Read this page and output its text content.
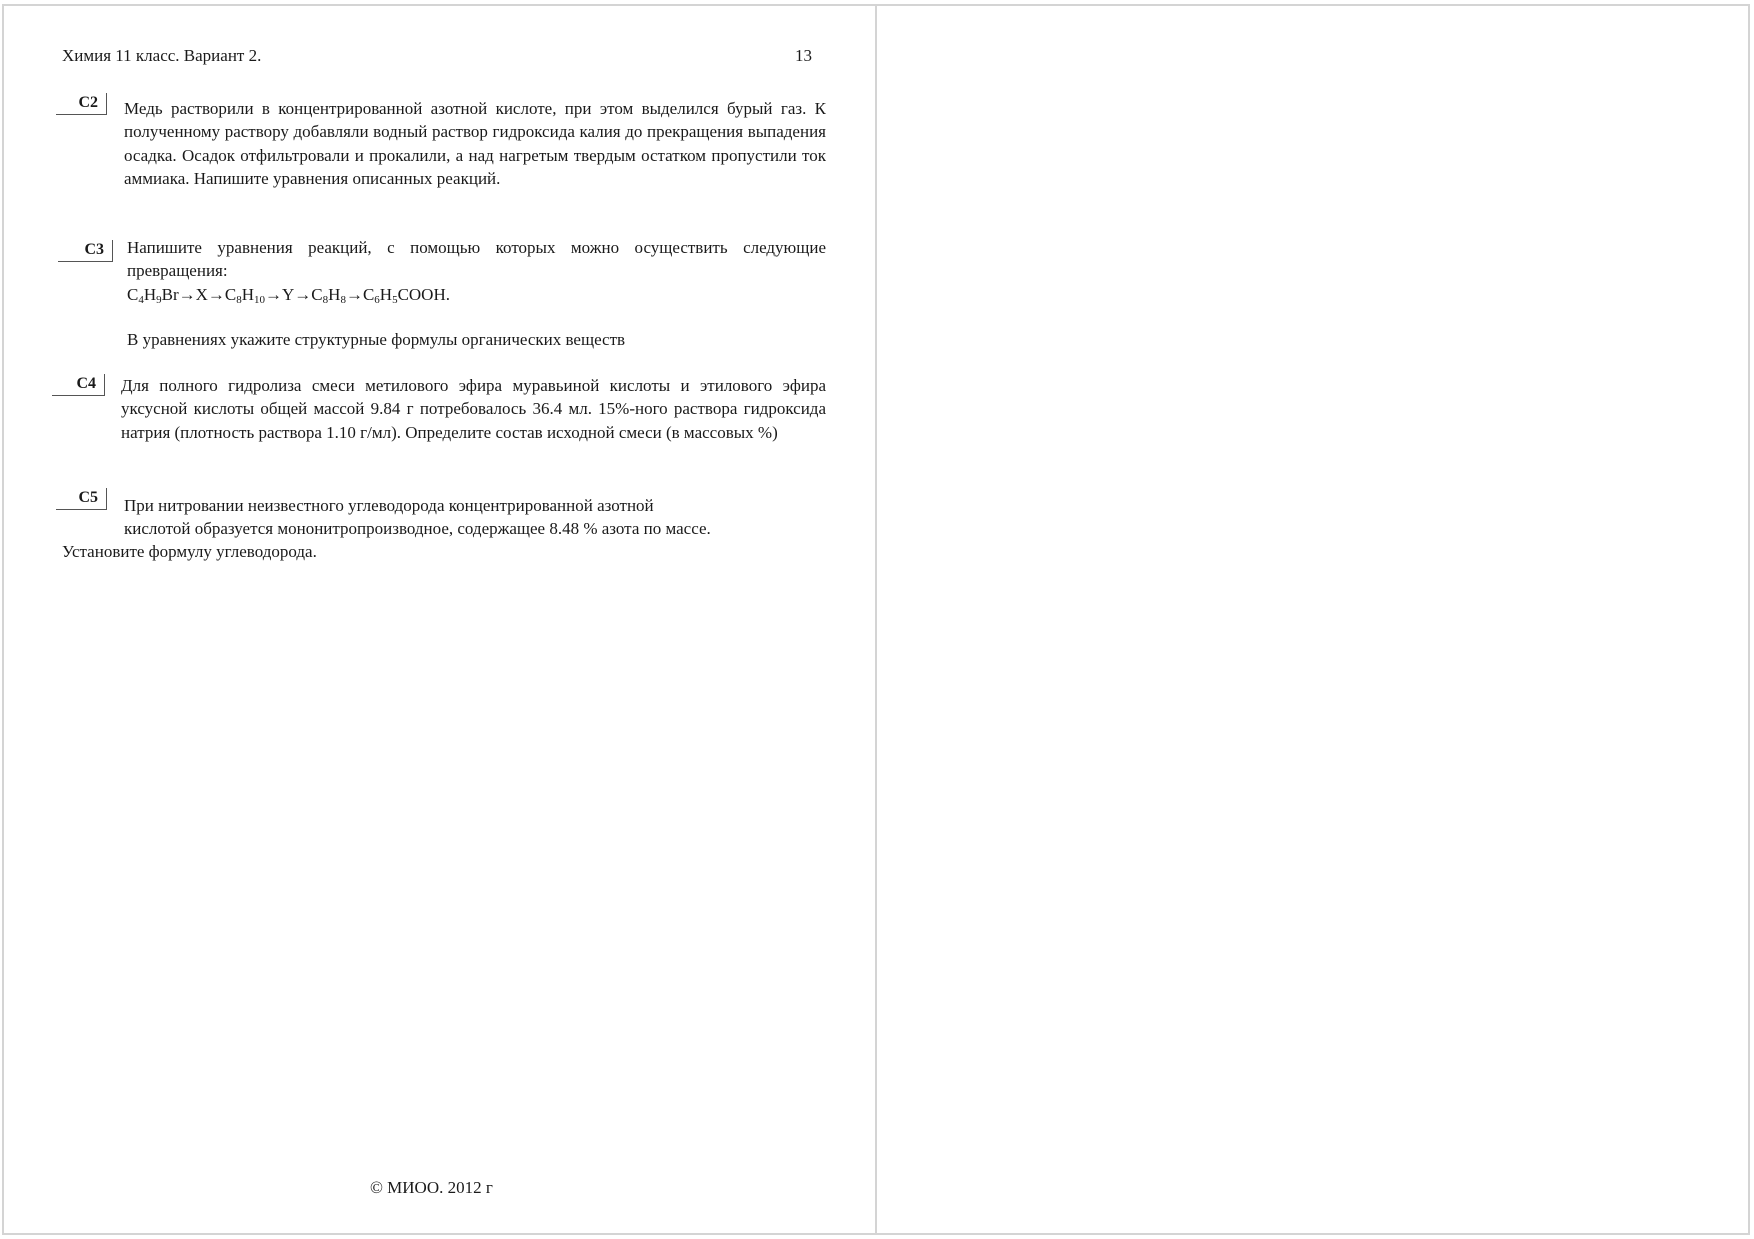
Химия 11 класс. Вариант 2.	13
С2	Медь растворили в концентрированной азотной кислоте, при этом выделился бурый газ. К полученному раствору добавляли водный раствор гидроксида калия до прекращения выпадения осадка. Осадок отфильтровали и прокалили, а над нагретым твердым остатком пропустили ток аммиака. Напишите уравнения описанных реакций.
С3	Напишите уравнения реакций, с помощью которых можно осуществить следующие превращения:
$C_4H_9Br\to X\to C_8H_{10}\to Y\to C_8H_8\to C_6H_5COOH$.
В уравнениях укажите структурные формулы органических веществ
С4	Для полного гидролиза смеси метилового эфира муравьиной кислоты и этилового эфира уксусной кислоты общей массой 9.84 г потребовалось 36.4 мл. 15%-ного раствора гидроксида натрия (плотность раствора 1.10 г/мл). Определите состав исходной смеси (в массовых %)
С5	При нитровании неизвестного углеводорода концентрированной азотной
кислотой образуется мононитропроизводное, содержащее 8.48 % азота по массе.
Установите формулу углеводорода.
© МИОО. 2012 г
